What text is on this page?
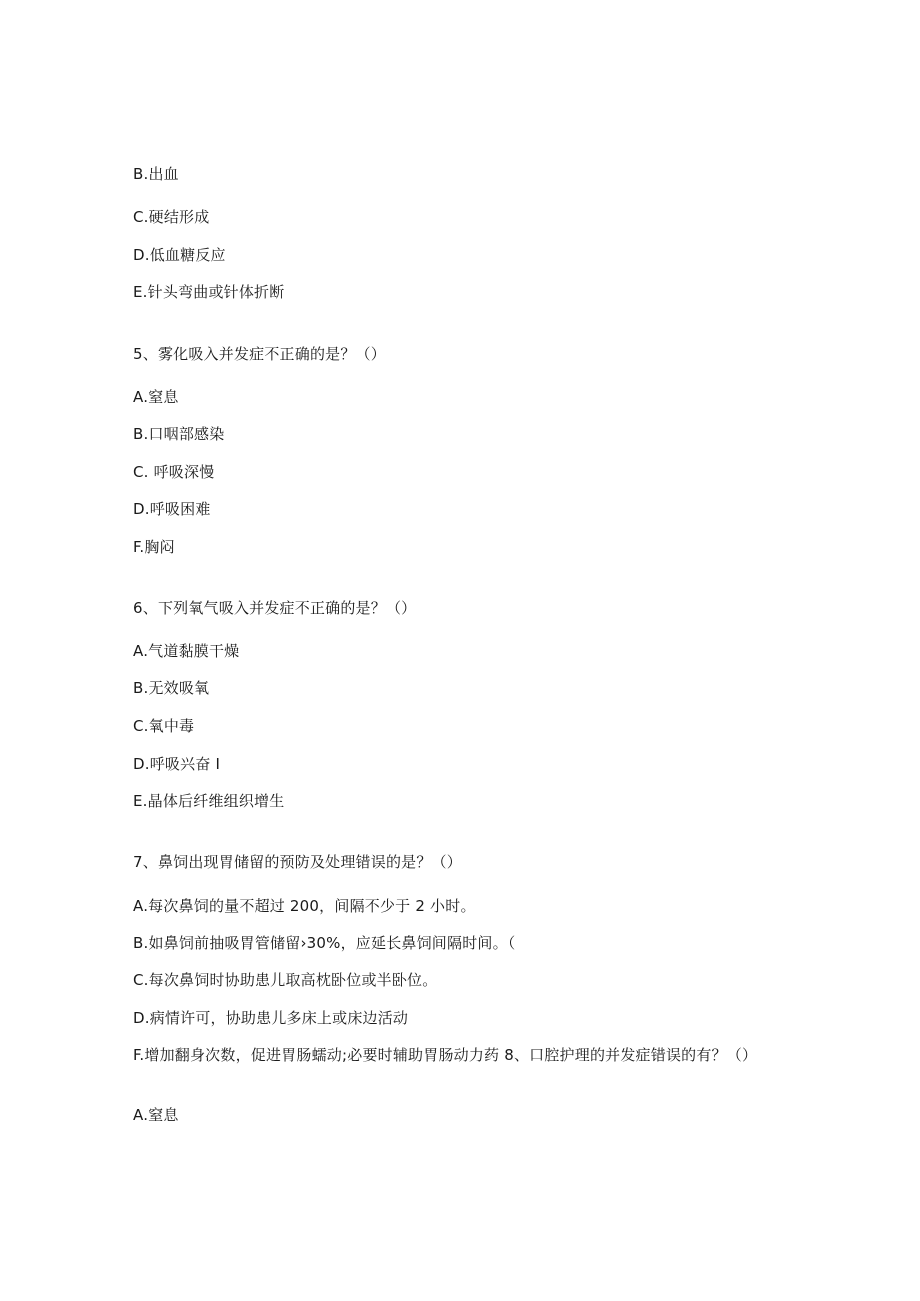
B.出血
C.硬结形成
D.低血糖反应
E.针头弯曲或针体折断
5、雾化吸入并发症不正确的是？（）
A.窒息
B.口咽部感染
C. 呼吸深慢
D.呼吸困难
F.胸闷
6、下列氧气吸入并发症不正确的是？（）
A.气道黏膜干燥
B.无效吸氧
C.氧中毒
D.呼吸兴奋 I
E.晶体后纤维组织增生
7、鼻饲出现胃储留的预防及处理错误的是？（）
A.每次鼻饲的量不超过 200，间隔不少于 2 小时。
B.如鼻饲前抽吸胃管储留›30%，应延长鼻饲间隔时间。（
C.每次鼻饲时协助患儿取高枕卧位或半卧位。
D.病情许可，协助患儿多床上或床边活动
F.增加翻身次数，促进胃肠蠕动;必要时辅助胃肠动力药 8、口腔护理的并发症错误的有？（）
A.窒息
